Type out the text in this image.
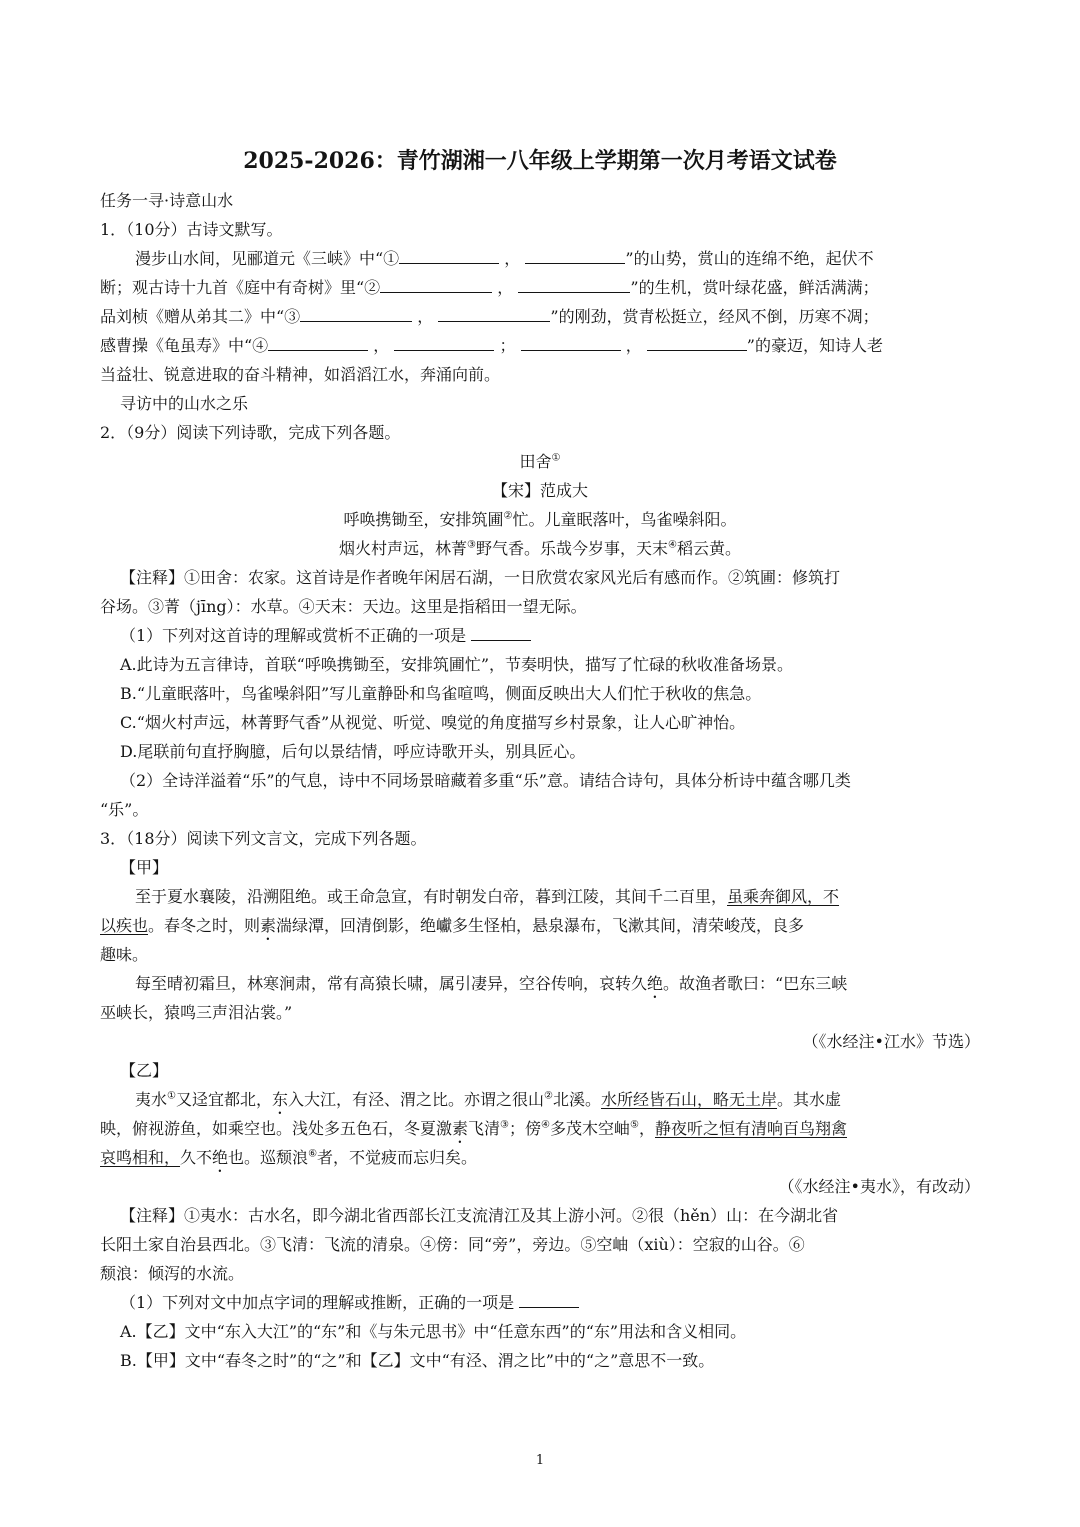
2025-2026：青竹湖湘一八年级上学期第一次月考语文试卷
任务一寻·诗意山水
1．（10分）古诗文默写。
漫步山水间，见郦道元《三峡》中“①	，	”的山势，赏山的连绵不绝，起伏不
断；观古诗十九首《庭中有奇树》里“②	，	”的生机，赏叶绿花盛，鲜活满满；
品刘桢《赠从弟其二》中“③	，	”的刚劲，赏青松挺立，经风不倒，历寒不凋；
感曹操《龟虽寿》中“④	，	；	，	”的豪迈，知诗人老
当益壮、锐意进取的奋斗精神，如滔滔江水，奔涌向前。
寻访中的山水之乐
2．（9分）阅读下列诗歌，完成下列各题。
田舍①
【宋】范成大
呼唤携锄至，安排筑圃②忙。儿童眠落叶，鸟雀噪斜阳。
烟火村声远，林菁③野气香。乐哉今岁事，天末④稻云黄。
【注释】①田舍：农家。这首诗是作者晚年闲居石湖，一日欣赏农家风光后有感而作。②筑圃：修筑打
谷场。③菁（jīng）：水草。④天末：天边。这里是指稻田一望无际。
（1）下列对这首诗的理解或赏析不正确的一项是
A.此诗为五言律诗，首联“呼唤携锄至，安排筑圃忙”，节奏明快，描写了忙碌的秋收准备场景。
B.“儿童眠落叶，鸟雀噪斜阳”写儿童静卧和鸟雀喧鸣，侧面反映出大人们忙于秋收的焦急。
C.“烟火村声远，林菁野气香”从视觉、听觉、嗅觉的角度描写乡村景象，让人心旷神怡。
D.尾联前句直抒胸臆，后句以景结情，呼应诗歌开头，别具匠心。
（2）全诗洋溢着“乐”的气息，诗中不同场景暗藏着多重“乐”意。请结合诗句，具体分析诗中蕴含哪几类
“乐”。
3．（18分）阅读下列文言文，完成下列各题。
【甲】
至于夏水襄陵，沿溯阻绝。或王命急宣，有时朝发白帝，暮到江陵，其间千二百里，虽乘奔御风，不
以疾也。春冬之时，则素湍绿潭，回清倒影，绝巘多生怪柏，悬泉瀑布，飞漱其间，清荣峻茂，良多
趣味。
每至晴初霜旦，林寒涧肃，常有高猿长啸，属引凄异，空谷传响，哀转久绝。故渔者歌曰：“巴东三峡
巫峡长，猿鸣三声泪沾裳。”
（《水经注•江水》节选）
【乙】
夷水①又迳宜都北，东入大江，有泾、渭之比。亦谓之很山②北溪。水所经皆石山，略无土岸。其水虚
映，俯视游鱼，如乘空也。浅处多五色石，冬夏激素飞清③；傍④多茂木空岫⑤，静夜听之恒有清响百鸟翔禽
哀鸣相和，久不绝也。巡颓浪⑥者，不觉疲而忘归矣。
（《水经注•夷水》，有改动）
【注释】①夷水：古水名，即今湖北省西部长江支流清江及其上游小河。②很（hěn）山：在今湖北省
长阳土家自治县西北。③飞清：飞流的清泉。④傍：同“旁”，旁边。⑤空岫（xiù）：空寂的山谷。⑥
颓浪：倾泻的水流。
（1）下列对文中加点字词的理解或推断，正确的一项是
A.【乙】文中“东入大江”的“东”和《与朱元思书》中“任意东西”的“东”用法和含义相同。
B.【甲】文中“春冬之时”的“之”和【乙】文中“有泾、渭之比”中的“之”意思不一致。
1
